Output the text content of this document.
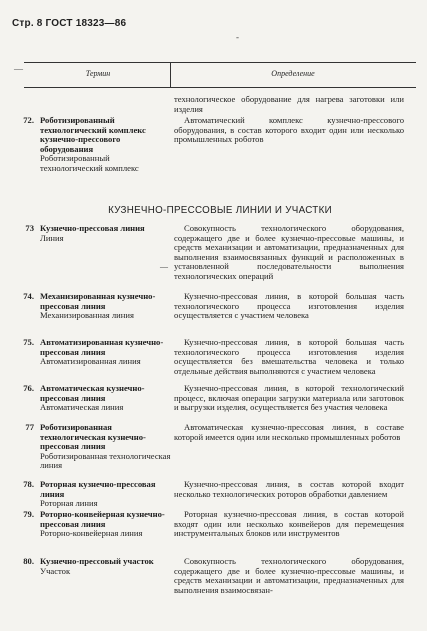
Стр. 8 ГОСТ 18323—86
-
—	Термин	Определение

технологическое оборудование для нагрева заготовки или изделия

72. Роботизированный технологический комплекс кузнечно-прессового оборудования
Роботизированный технологический комплекс

Автоматический комплекс кузнечно-прессового оборудования, в состав которого входит один или несколько промышленных роботов

КУЗНЕЧНО-ПРЕССОВЫЕ ЛИНИИ И УЧАСТКИ
73 Кузнечно-прессовая линия
Линия

Совокупность технологического оборудования, содержащего две и более кузнечно-прессовые машины, и средств механизации и автоматизации, предназначенных для выполнения взаимосвязанных функций и расположенных в установленной последовательности выполнения технологических операций

—
74. Механизированная кузнечно-прессовая линия
Механизированная линия

Кузнечно-прессовая линия, в которой большая часть технологического процесса изготовления изделия осуществляется с участием человека

75. Автоматизированная кузнечно-прессовая линия
Автоматизированная линия

Кузнечно-прессовая линия, в которой большая часть технологического процесса изготовления изделия осуществляется без вмешательства человека и только отдельные действия выполняются с участием человека

76. Автоматическая кузнечно-прессовая линия
Автоматическая линия

Кузнечно-прессовая линия, в которой технологический процесс, включая операции загрузки материала или заготовок и выгрузки изделия, осуществляется без участия человека

77 Роботизированная технологическая кузнечно-прессовая линия
Роботизированная технологическая линия

Автоматическая кузнечно-прессовая линия, в составе которой имеется один или несколько промышленных роботов

78. Роторная кузнечно-прессовая линия
Роторная линия

Кузнечно-прессовая линия, в состав которой входит несколько технологических роторов обработки давлением

79. Роторно-конвейерная кузнечно-прессовая линия
Роторно-конвейерная линия

Роторная кузнечно-прессовая линия, в состав которой входят один или несколько конвейеров для перемещения инструментальных блоков или инструментов

80. Кузнечно-прессовый участок
Участок

Совокупность технологического оборудования, содержащего две и более кузнечно-прессовые машины, и средств механизации и автоматизации, предназначенных для выполнения взаимосвязан-
